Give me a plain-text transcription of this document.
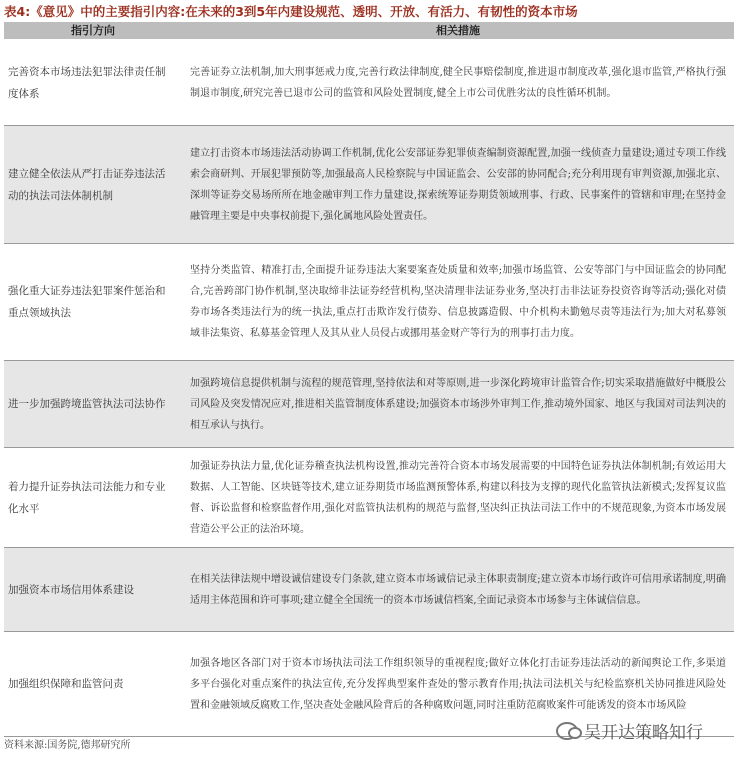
表4:《意见》中的主要指引内容:在未来的3到5年内建设规范、透明、开放、有活力、有韧性的资本市场
指引方向	相关措施
完善资本市场违法犯罪法律责任制度体系
完善证券立法机制,加大刑事惩戒力度,完善行政法律制度,健全民事赔偿制度,推进退市制度改革,强化退市监管,严格执行强制退市制度,研究完善已退市公司的监管和风险处置制度,健全上市公司优胜劣汰的良性循环机制。
建立健全依法从严打击证券违法活动的执法司法体制机制
建立打击资本市场违法活动协调工作机制,优化公安部证券犯罪侦查编制资源配置,加强一线侦查力量建设;通过专项工作线索会商研判、开展犯罪预防等,加强最高人民检察院与中国证监会、公安部的协同配合;充分利用现有审判资源,加强北京、深圳等证券交易场所所在地金融审判工作力量建设,探索统筹证券期货领域刑事、行政、民事案件的管辖和审理;在坚持金融管理主要是中央事权前提下,强化属地风险处置责任。
强化重大证券违法犯罪案件惩治和重点领域执法
坚持分类监管、精准打击,全面提升证券违法大案要案查处质量和效率;加强市场监管、公安等部门与中国证监会的协同配合,完善跨部门协作机制,坚决取缔非法证券经营机构,坚决清理非法证券业务,坚决打击非法证券投资咨询等活动;强化对债券市场各类违法行为的统一执法,重点打击欺诈发行债券、信息披露造假、中介机构未勤勉尽责等违法行为;加大对私募领域非法集资、私募基金管理人及其从业人员侵占或挪用基金财产等行为的刑事打击力度。
进一步加强跨境监管执法司法协作
加强跨境信息提供机制与流程的规范管理,坚持依法和对等原则,进一步深化跨境审计监管合作;切实采取措施做好中概股公司风险及突发情况应对,推进相关监管制度体系建设;加强资本市场涉外审判工作,推动境外国家、地区与我国对司法判决的相互承认与执行。
着力提升证券执法司法能力和专业化水平
加强证券执法力量,优化证券稽查执法机构设置,推动完善符合资本市场发展需要的中国特色证券执法体制机制;有效运用大数据、人工智能、区块链等技术,建立证券期货市场监测预警体系,构建以科技为支撑的现代化监管执法新模式;发挥复议监督、诉讼监督和检察监督作用,强化对监管执法机构的规范与监督,坚决纠正执法司法工作中的不规范现象,为资本市场发展营造公平公正的法治环境。
加强资本市场信用体系建设
在相关法律法规中增设诚信建设专门条款,建立资本市场诚信记录主体职责制度;建立资本市场行政许可信用承诺制度,明确适用主体范围和许可事项;建立健全全国统一的资本市场诚信档案,全面记录资本市场参与主体诚信信息。
加强组织保障和监管问责
加强各地区各部门对于资本市场执法司法工作组织领导的重视程度;做好立体化打击证券违法活动的新闻舆论工作,多渠道多平台强化对重点案件的执法宣传,充分发挥典型案件查处的警示教育作用;执法司法机关与纪检监察机关协同推进风险处置和金融领域反腐败工作,坚决查处金融风险背后的各种腐败问题,同时注重防范腐败案件可能诱发的资本市场风险
资料来源:国务院,德邦研究所
吴开达策略知行
